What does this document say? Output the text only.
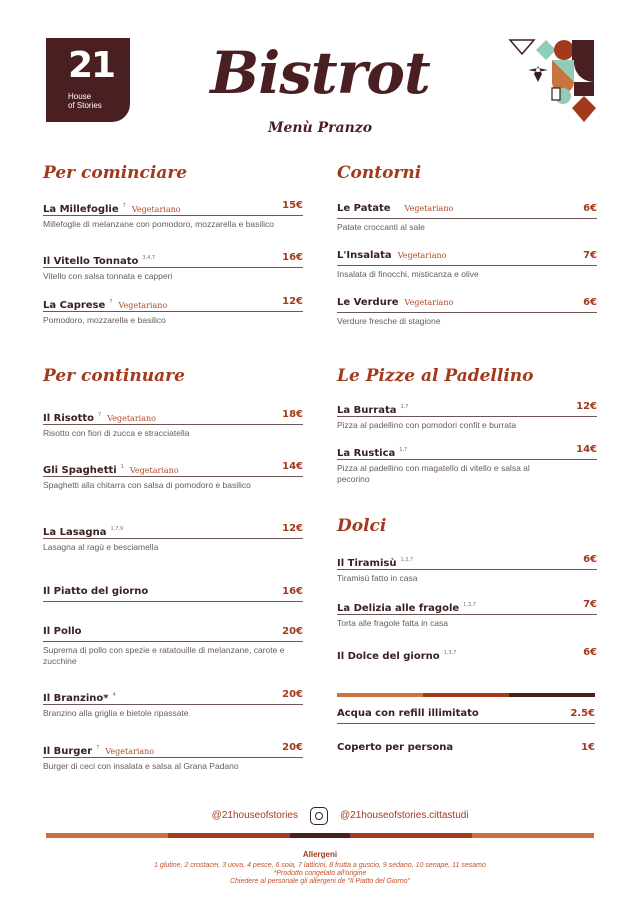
21
House
of Stories	Bistrot
Menù Pranzo
Per cominciare	Contorni
Per continuare	Le Pizze al Padellino
Dolci
La Millefoglie $^7$ Vegetariano	15€
Millefoglie di melanzane con pomodoro, mozzarella e basilico
Il Vitello Tonnato $^{3,4,7}$	16€
Vitello con salsa tonnata e capperi
La Caprese $^7$ Vegetariano	12€
Pomodoro, mozzarella e basilico
Le Patate Vegetariano	6€
Patate croccanti al sale
L'Insalata Vegetariano	7€
Insalata di finocchi, misticanza e olive
Le Verdure Vegetariano	6€
Verdure fresche di stagione
Il Risotto $^7$ Vegetariano	18€
Risotto con fiori di zucca e stracciatella
Gli Spaghetti $^1$ Vegetariano	14€
Spaghetti alla chitarra con salsa di pomodoro e basilico
La Lasagna $^{1,7,9}$	12€
Lasagna al ragù e besciamella
Il Piatto del giorno	16€
Il Pollo	20€
Suprema di pollo con spezie e ratatouille di melanzane, carote e zucchine
Il Branzino* $^4$	20€
Branzino alla griglia e bietole ripassate
Il Burger $^7$ Vegetariano	20€
Burger di ceci con insalata e salsa al Grana Padano
La Burrata $^{1,7}$	12€
Pizza al padellino con pomodori confit e burrata
La Rustica $^{1,7}$	14€
Pizza al padellino con magatello di vitello e salsa al pecorino
Il Tiramisù $^{1,3,7}$	6€
Tiramisù fatto in casa
La Delizia alle fragole $^{1,3,7}$	7€
Torta alle fragole fatta in casa
Il Dolce del giorno $^{1,3,7}$	6€
Acqua con refill illimitato	2.5€
Coperto per persona	1€
@21houseofstories	@21houseofstories.cittastudi
Allergeni
1 glutine, 2 crostacei, 3 uova, 4 pesce, 6 soia, 7 latticini, 8 frutta a guscio, 9 sedano, 10 senape, 11 sesamo
*Prodotto congelato all'origine
Chiedere al personale gli allergeni de "Il Piatto del Giorno"
